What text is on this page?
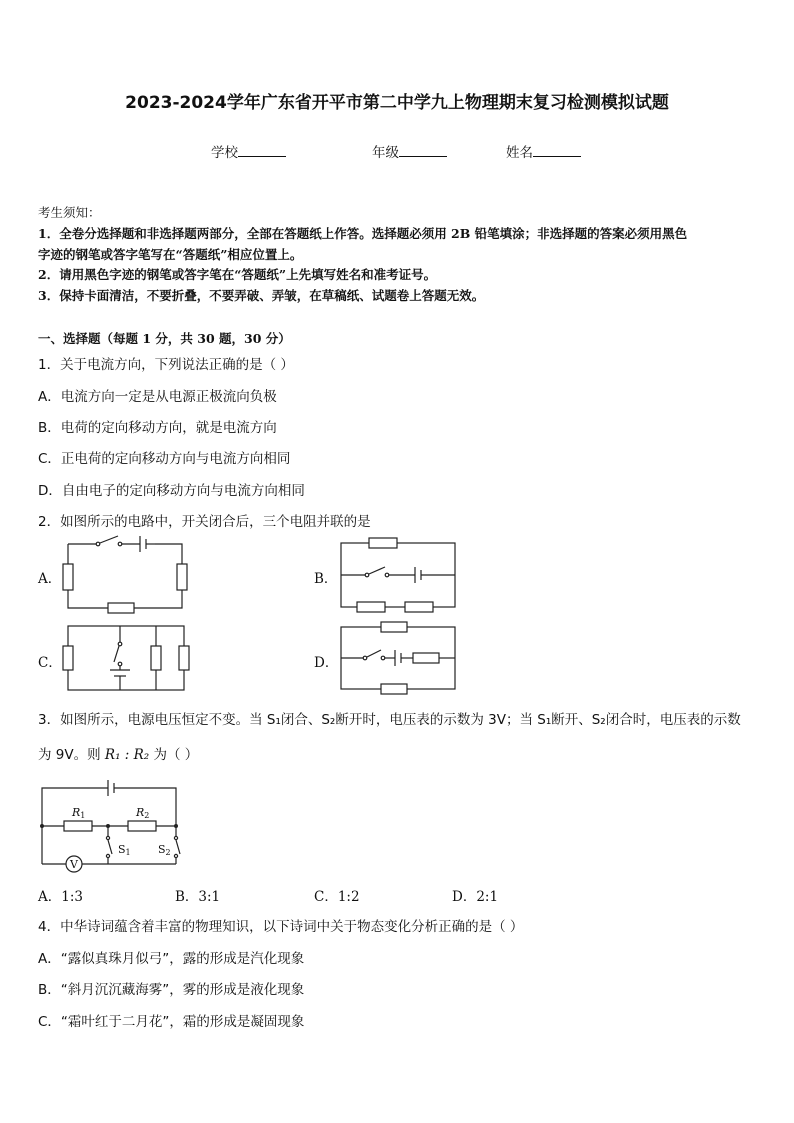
2023-2024学年广东省开平市第二中学九上物理期末复习检测模拟试题
学校	年级	姓名
考生须知：
1．全卷分选择题和非选择题两部分，全部在答题纸上作答。选择题必须用 2B 铅笔填涂；非选择题的答案必须用黑色
字迹的钢笔或答字笔写在“答题纸”相应位置上。
2．请用黑色字迹的钢笔或答字笔在“答题纸”上先填写姓名和准考证号。
3．保持卡面清洁，不要折叠，不要弄破、弄皱，在草稿纸、试题卷上答题无效。
一、选择题（每题 1 分，共 30 题，30 分）
1．关于电流方向，下列说法正确的是（ ）
A．电流方向一定是从电源正极流向负极
B．电荷的定向移动方向，就是电流方向
C．正电荷的定向移动方向与电流方向相同
D．自由电子的定向移动方向与电流方向相同
2．如图所示的电路中，开关闭合后，三个电阻并联的是
A．	B．
C．	D．
3．如图所示，电源电压恒定不变。当 S₁闭合、S₂断开时，电压表的示数为 3V；当 S₁断开、S₂闭合时，电压表的示数
为 9V。则 R₁ : R₂ 为（ ）
R1	R2
S1 S2
V
A．1:3	B．3:1	C．1:2	D．2:1
4．中华诗词蕴含着丰富的物理知识，以下诗词中关于物态变化分析正确的是（ ）
A．“露似真珠月似弓”，露的形成是汽化现象
B．“斜月沉沉藏海雾”，雾的形成是液化现象
C．“霜叶红于二月花”，霜的形成是凝固现象
